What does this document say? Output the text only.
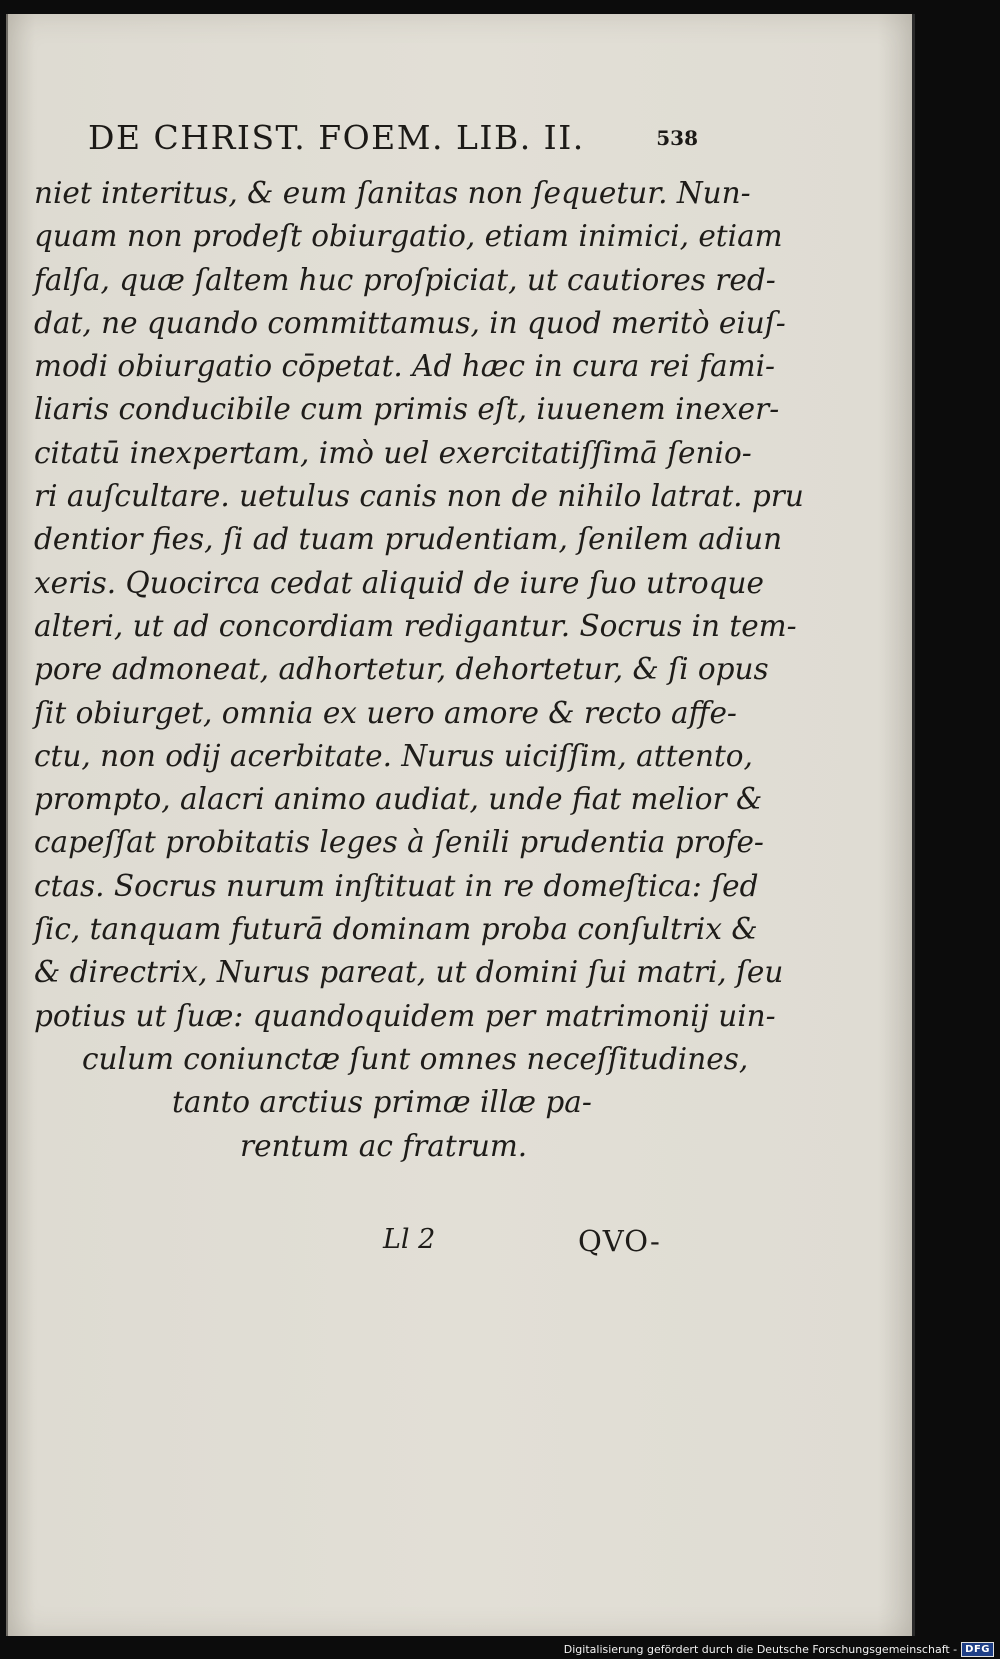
DE CHRIST. FOEM. LIB. II.	538
niet interitus, & eum ſanitas non ſequetur. Nun-
quam non prodeſt obiurgatio, etiam inimici, etiam
falſa, quæ ſaltem huc proſpiciat, ut cautiores red-
dat, ne quando committamus, in quod meritò eiuſ-
modi obiurgatio cōpetat. Ad hæc in cura rei fami-
liaris conducibile cum primis eſt, iuuenem inexer-
citatū inexpertam, imò uel exercitatiſſimā ſenio-
ri auſcultare. uetulus canis non de nihilo latrat. pru
dentior fies, ſi ad tuam prudentiam, ſenilem adiun
xeris. Quocirca cedat aliquid de iure ſuo utroque
alteri, ut ad concordiam redigantur. Socrus in tem-
pore admoneat, adhortetur, dehortetur, & ſi opus
ſit obiurget, omnia ex uero amore & recto affe-
ctu, non odij acerbitate. Nurus uiciſſim, attento,
prompto, alacri animo audiat, unde fiat melior &
capeſſat probitatis leges à ſenili prudentia profe-
ctas. Socrus nurum inſtituat in re domeſtica: ſed
ſic, tanquam futurā dominam proba conſultrix &
& directrix, Nurus pareat, ut domini ſui matri, ſeu
potius ut ſuæ: quandoquidem per matrimonij uin-
culum coniunctæ ſunt omnes neceſſitudines,
tanto arctius primæ illæ pa-
rentum ac fratrum.
Ll 2	QVO-
Digitalisierung gefördert durch die Deutsche Forschungsgemeinschaft - DFG
